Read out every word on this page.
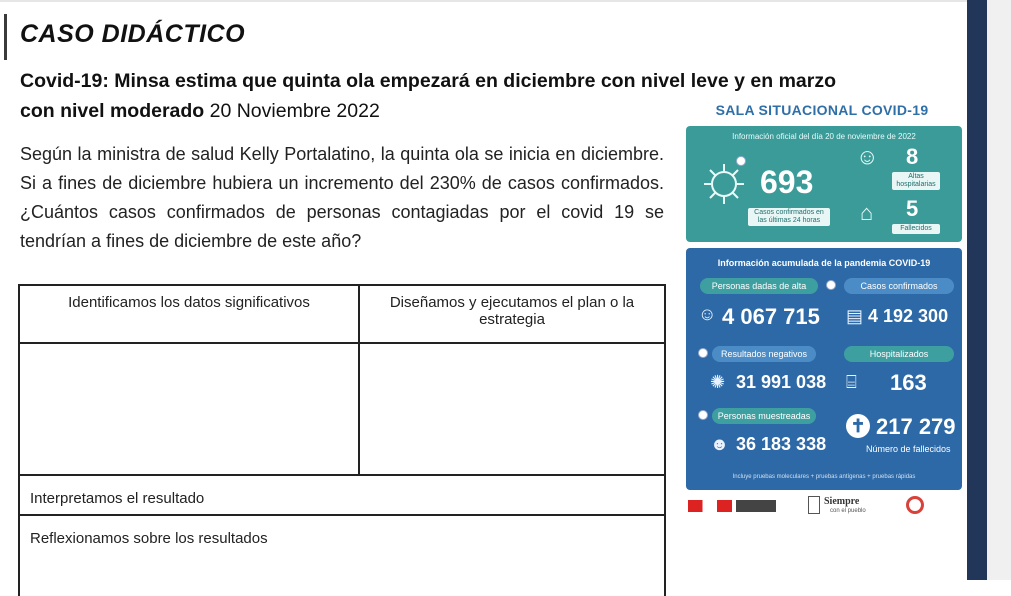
CASO DIDÁCTICO
Covid-19: Minsa estima que quinta ola empezará en diciembre con nivel leve y en marzo con nivel moderado 20 Noviembre 2022
Según la ministra de salud Kelly Portalatino, la quinta ola se inicia en diciembre. Si a fines de diciembre hubiera un incremento del 230% de casos confirmados. ¿Cuántos casos confirmados de personas contagiadas por el covid 19 se tendrían a fines de diciembre de este año?
Identificamos los datos significativos	Diseñamos y ejecutamos el plan o la estrategia
Interpretamos el resultado
Reflexionamos sobre los resultados
SALA SITUACIONAL COVID-19
Información oficial del día 20 de noviembre de 2022
693
Casos confirmados en las últimas 24 horas
☺ 8
Altas hospitalarias
⌂ 5
Fallecidos
Información acumulada de la pandemia COVID-19
Personas dadas de alta
☺ 4 067 715
Casos confirmados
▤ 4 192 300
Resultados negativos
✺ 31 991 038
Hospitalizados
⌸ 163
Personas muestreadas
☻ 36 183 338
✝ 217 279
Número de fallecidos
Incluye pruebas moleculares + pruebas antígenas + pruebas rápidas
Siempre
con el pueblo
